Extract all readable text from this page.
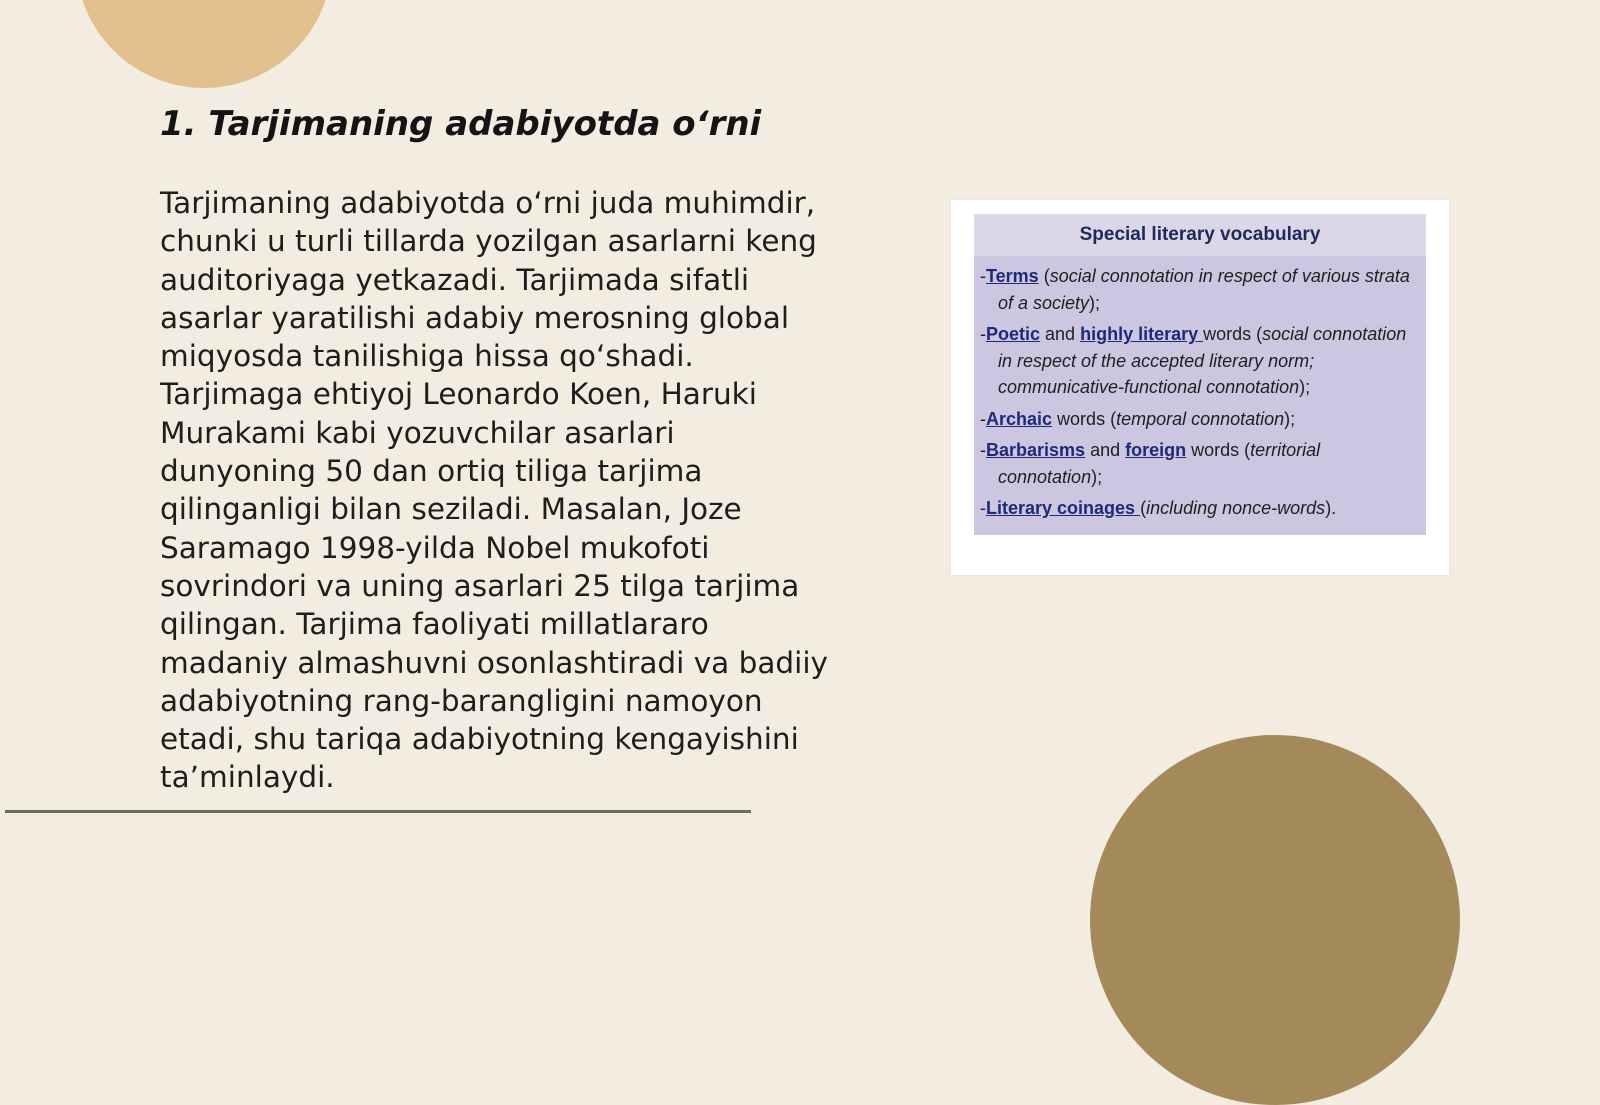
1. Tarjimaning adabiyotda o‘rni

Tarjimaning adabiyotda o‘rni juda muhimdir,
chunki u turli tillarda yozilgan asarlarni keng
auditoriyaga yetkazadi. Tarjimada sifatli
asarlar yaratilishi adabiy merosning global
miqyosda tanilishiga hissa qo‘shadi.
Tarjimaga ehtiyoj Leonardo Koen, Haruki
Murakami kabi yozuvchilar asarlari
dunyoning 50 dan ortiq tiliga tarjima
qilinganligi bilan seziladi. Masalan, Joze
Saramago 1998-yilda Nobel mukofoti
sovrindori va uning asarlari 25 tilga tarjima
qilingan. Tarjima faoliyati millatlararo
madaniy almashuvni osonlashtiradi va badiiy
adabiyotning rang-barangligini namoyon
etadi, shu tariqa adabiyotning kengayishini
ta’minlaydi.

Special literary vocabulary
-Terms (social connotation in respect of various strata of a society);
-Poetic and highly literary words (social connotation in respect of the accepted literary norm; communicative-functional connotation);
-Archaic words (temporal connotation);
-Barbarisms and foreign words (territorial connotation);
-Literary coinages (including nonce-words).
